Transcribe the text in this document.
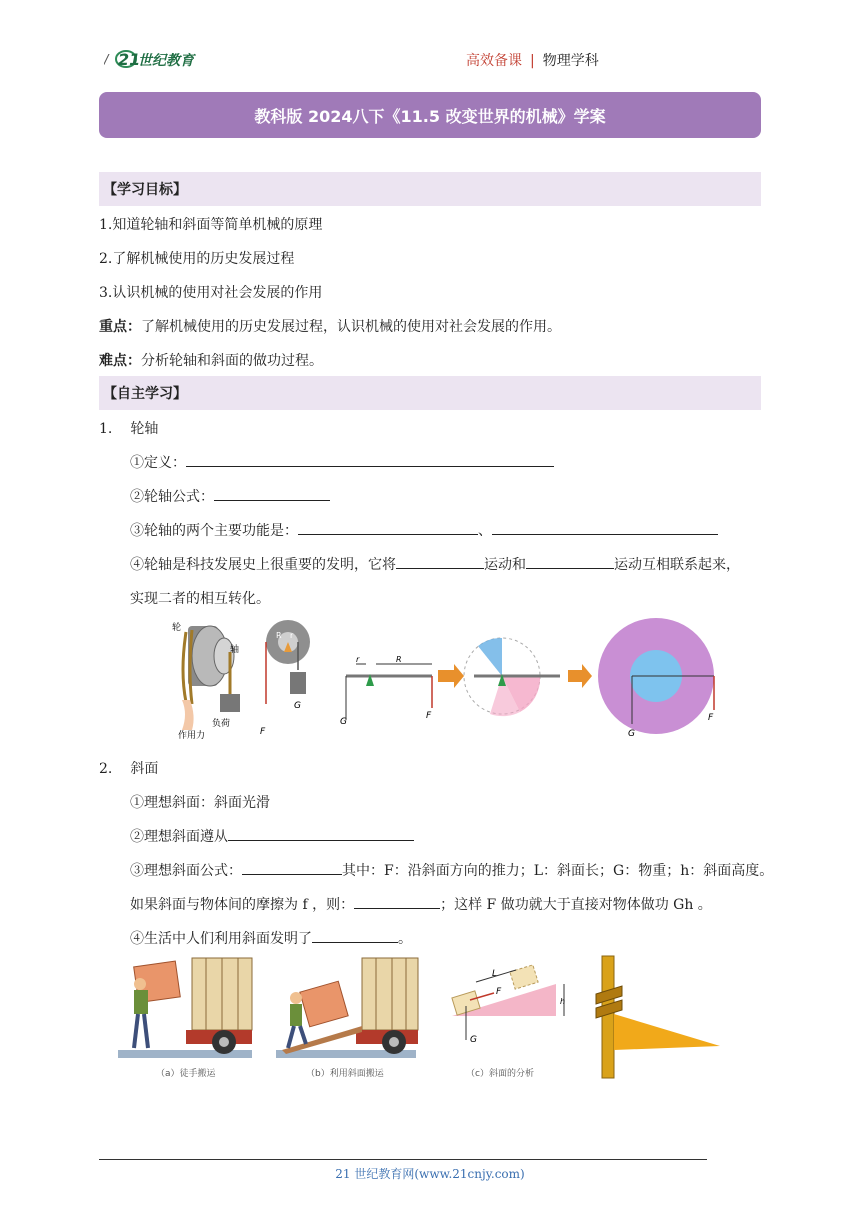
/ 21
世纪教育	高效备课 | 物理学科
教科版 2024八下《11.5 改变世界的机械》学案
【学习目标】
1.知道轮轴和斜面等简单机械的原理
2.了解机械使用的历史发展过程
3.认识机械的使用对社会发展的作用
重点：了解机械使用的历史发展过程，认识机械的使用对社会发展的作用。
难点：分析轮轴和斜面的做功过程。
【自主学习】
1. 轮轴
①定义：
②轮轴公式：
③轮轴的两个主要功能是：	、
④轮轴是科技发展史上很重要的发明，它将	运动和	运动互相联系起来，
实现二者的相互转化。
轮
轴
负荷
作用力
R r
G
F
r	R
G
F
G
F
2. 斜面
①理想斜面：斜面光滑
②理想斜面遵从
③理想斜面公式：	其中：F：沿斜面方向的推力；L：斜面长；G：物重；h：斜面高度。
如果斜面与物体间的摩擦为 f ，则：	；这样 F 做功就大于直接对物体做功 Gh 。
④生活中人们利用斜面发明了	。
（a）徒手搬运	（b）利用斜面搬运
L
F
h
G
（c）斜面的分析
21 世纪教育网(www.21cnjy.com)
